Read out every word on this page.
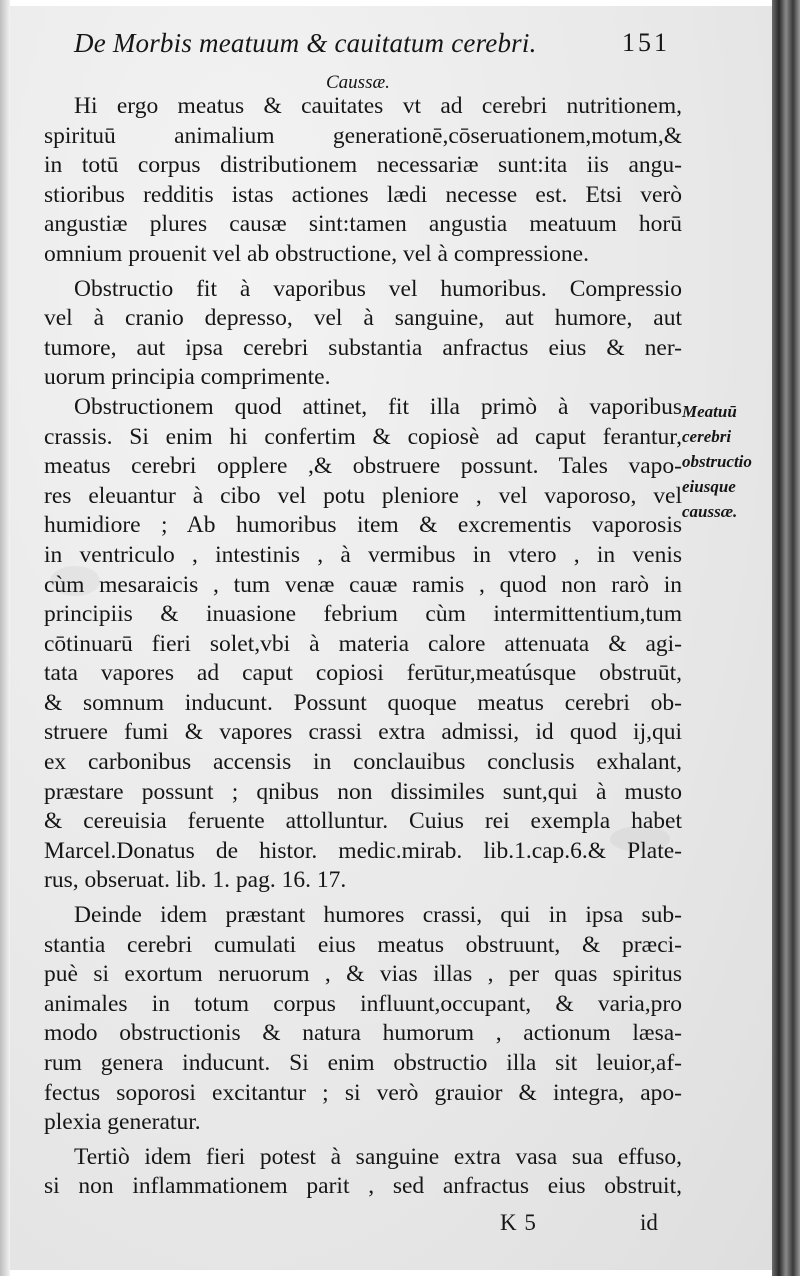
De Morbis meatuum & cauitatum cerebri.	151
Caussæ.
Hi ergo meatus & cauitates vt ad cerebri nutritionem,
spirituū animalium generationē,cōseruationem,motum,&
in totū corpus distributionem necessariæ sunt:ita iis angu-
stioribus redditis istas actiones lædi necesse est. Etsi verò
angustiæ plures causæ sint:tamen angustia meatuum horū
omnium prouenit vel ab obstructione, vel à compressione.
Obstructio fit à vaporibus vel humoribus. Compressio
vel à cranio depresso, vel à sanguine, aut humore, aut
tumore, aut ipsa cerebri substantia anfractus eius & ner-
uorum principia comprimente.
Obstructionem quod attinet, fit illa primò à vaporibus
crassis. Si enim hi confertim & copiosè ad caput ferantur,
meatus cerebri opplere ,& obstruere possunt. Tales vapo-
res eleuantur à cibo vel potu pleniore , vel vaporoso, vel
humidiore ; Ab humoribus item & excrementis vaporosis
in ventriculo , intestinis , à vermibus in vtero , in venis
cùm mesaraicis , tum venæ cauæ ramis , quod non rarò in
principiis & inuasione febrium cùm intermittentium,tum
cōtinuarū fieri solet,vbi à materia calore attenuata & agi-
tata vapores ad caput copiosi ferūtur,meatúsque obstruūt,
& somnum inducunt. Possunt quoque meatus cerebri ob-
struere fumi & vapores crassi extra admissi, id quod ij,qui
ex carbonibus accensis in conclauibus conclusis exhalant,
præstare possunt ; qnibus non dissimiles sunt,qui à musto
& cereuisia feruente attolluntur. Cuius rei exempla habet
Marcel.Donatus de histor. medic.mirab. lib.1.cap.6.& Plate-
rus, obseruat. lib. 1. pag. 16. 17.
Deinde idem præstant humores crassi, qui in ipsa sub-
stantia cerebri cumulati eius meatus obstruunt, & præci-
puè si exortum neruorum , & vias illas , per quas spiritus
animales in totum corpus influunt,occupant, & varia,pro
modo obstructionis & natura humorum , actionum læsa-
rum genera inducunt. Si enim obstructio illa sit leuior,af-
fectus soporosi excitantur ; si verò grauior & integra, apo-
plexia generatur.
Tertiò idem fieri potest à sanguine extra vasa sua effuso,
si non inflammationem parit , sed anfractus eius obstruit,
Meatuū
cerebri
obstructio
eiusque
caussæ.
K 5	id
